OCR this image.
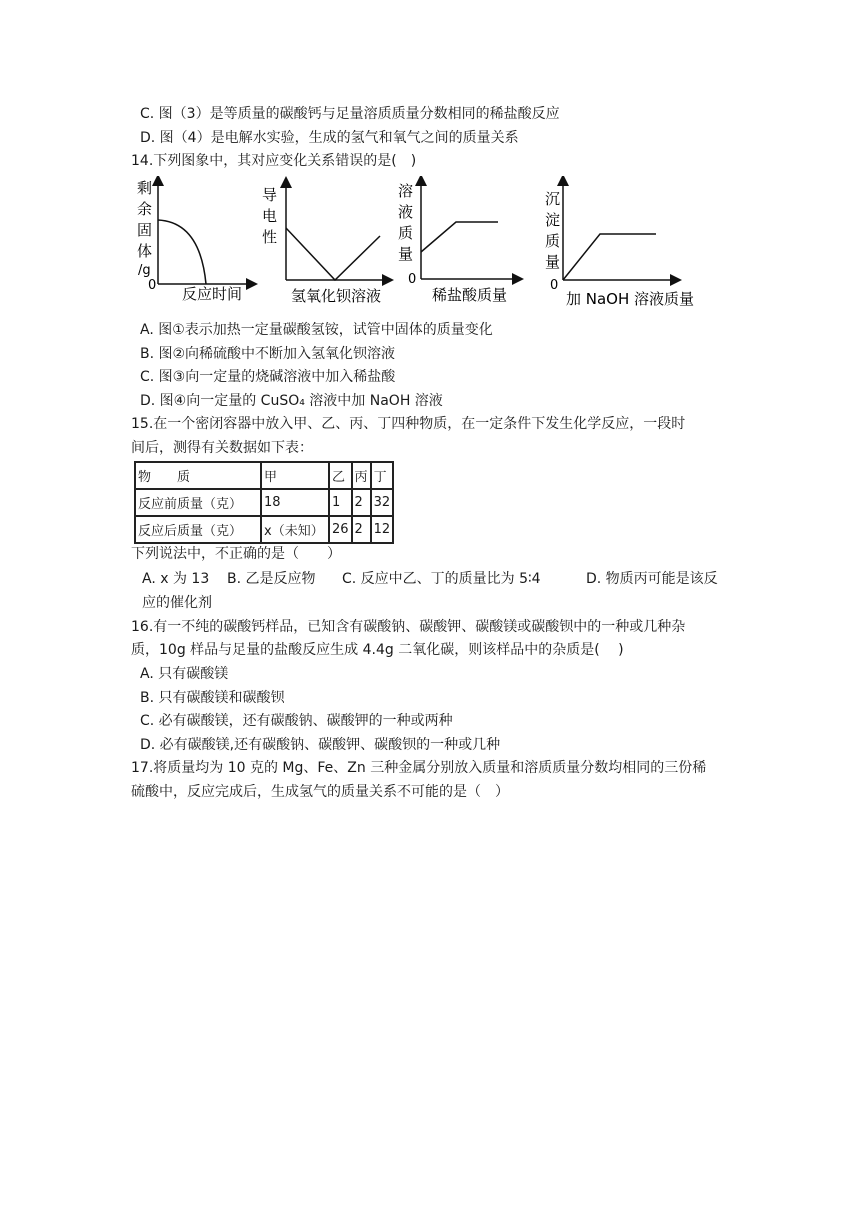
C. 图（3）是等质量的碳酸钙与足量溶质质量分数相同的稀盐酸反应
D. 图（4）是电解水实验，生成的氢气和氧气之间的质量关系
14.下列图象中，其对应变化关系错误的是(　)
剩
余
固
体
/g
0 反应时间
导
电
性
氢氧化钡溶液
溶
液
质
量
0
稀盐酸质量
沉
淀
质
量
0
加 NaOH 溶液质量
A. 图①表示加热一定量碳酸氢铵，试管中固体的质量变化
B. 图②向稀硫酸中不断加入氢氧化钡溶液
C. 图③向一定量的烧碱溶液中加入稀盐酸
D. 图④向一定量的 CuSO₄ 溶液中加 NaOH 溶液
15.在一个密闭容器中放入甲、乙、丙、丁四种物质，在一定条件下发生化学反应，一段时
间后，测得有关数据如下表：
物　　质	甲	乙	丙	丁
反应前质量（克）	18	1	2	32
反应后质量（克）	x（未知）	26	2	12
下列说法中，不正确的是（　　）
A. x 为 13 B. 乙是反应物 C. 反应中乙、丁的质量比为 5∶4	D. 物质丙可能是该反
应的催化剂
16.有一不纯的碳酸钙样品，已知含有碳酸钠、碳酸钾、碳酸镁或碳酸钡中的一种或几种杂
质，10g 样品与足量的盐酸反应生成 4.4g 二氧化碳，则该样品中的杂质是(　 )
A. 只有碳酸镁
B. 只有碳酸镁和碳酸钡
C. 必有碳酸镁，还有碳酸钠、碳酸钾的一种或两种
D. 必有碳酸镁,还有碳酸钠、碳酸钾、碳酸钡的一种或几种
17.将质量均为 10 克的 Mg、Fe、Zn 三种金属分别放入质量和溶质质量分数均相同的三份稀
硫酸中，反应完成后，生成氢气的质量关系不可能的是（　）
